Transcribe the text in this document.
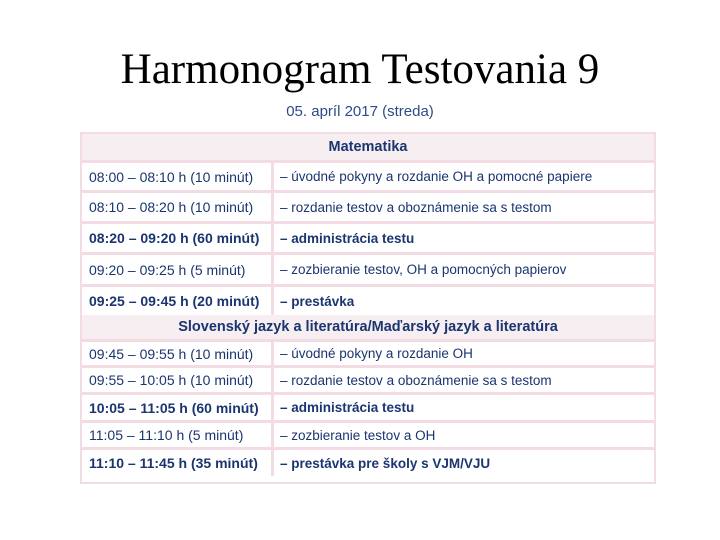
Harmonogram Testovania 9
05. apríl 2017 (streda)
Matematika
08:00 – 08:10 h (10 minút)	– úvodné pokyny a rozdanie OH a pomocné papiere
08:10 – 08:20 h (10 minút)	– rozdanie testov a oboznámenie sa s testom
08:20 – 09:20 h (60 minút)	– administrácia testu
09:20 – 09:25 h (5 minút)	– zozbieranie testov, OH a pomocných papierov
09:25 – 09:45 h (20 minút)	– prestávka
Slovenský jazyk a literatúra/Maďarský jazyk a literatúra
09:45 – 09:55 h (10 minút)	– úvodné pokyny a rozdanie OH
09:55 – 10:05 h (10 minút)	– rozdanie testov a oboznámenie sa s testom
10:05 – 11:05 h (60 minút)	– administrácia testu
11:05 – 11:10 h (5 minút)	– zozbieranie testov a OH
11:10 – 11:45 h (35 minút)	– prestávka pre školy s VJM/VJU
